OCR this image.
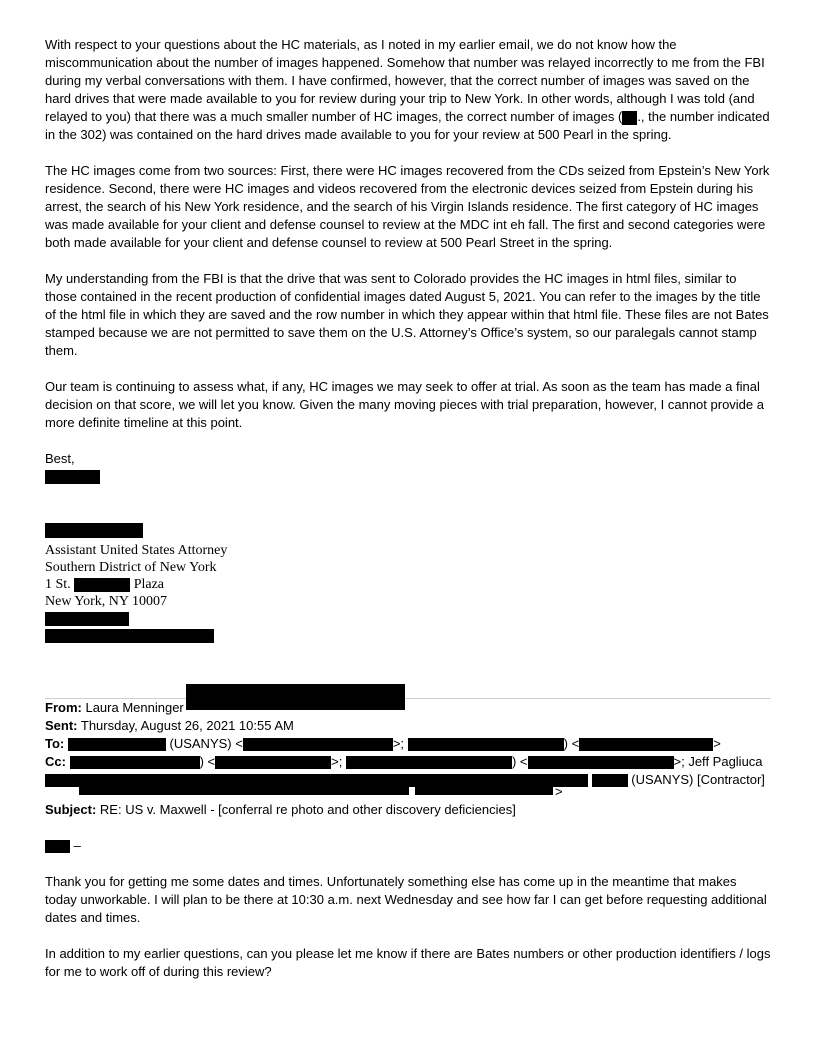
With respect to your questions about the HC materials, as I noted in my earlier email, we do not know how the miscommunication about the number of images happened. Somehow that number was relayed incorrectly to me from the FBI during my verbal conversations with them. I have confirmed, however, that the correct number of images was saved on the hard drives that were made available to you for review during your trip to New York. In other words, although I was told (and relayed to you) that there was a much smaller number of HC images, the correct number of images ( ., the number indicated in the 302) was contained on the hard drives made available to you for your review at 500 Pearl in the spring.

The HC images come from two sources: First, there were HC images recovered from the CDs seized from Epstein’s New York residence. Second, there were HC images and videos recovered from the electronic devices seized from Epstein during his arrest, the search of his New York residence, and the search of his Virgin Islands residence. The first category of HC images was made available for your client and defense counsel to review at the MDC int eh fall. The first and second categories were both made available for your client and defense counsel to review at 500 Pearl Street in the spring.

My understanding from the FBI is that the drive that was sent to Colorado provides the HC images in html files, similar to those contained in the recent production of confidential images dated August 5, 2021. You can refer to the images by the title of the html file in which they are saved and the row number in which they appear within that html file. These files are not Bates stamped because we are not permitted to save them on the U.S. Attorney’s Office’s system, so our paralegals cannot stamp them.

Our team is continuing to assess what, if any, HC images we may seek to offer at trial. As soon as the team has made a final decision on that score, we will let you know. Given the many moving pieces with trial preparation, however, I cannot provide a more definite timeline at this point.

Best,
Assistant United States Attorney
Southern District of New York
1 St.	Plaza
New York, NY 10007
From: Laura Menninger
Sent: Thursday, August 26, 2021 10:55 AM
To:	(USANYS) <	>;	) <	>
Cc:	) <	>;	) <	>; Jeff Pagliuca
(USANYS) [Contractor]
>
Subject: RE: US v. Maxwell - [conferral re photo and other discovery deficiencies]
–

Thank you for getting me some dates and times. Unfortunately something else has come up in the meantime that makes today unworkable. I will plan to be there at 10:30 a.m. next Wednesday and see how far I can get before requesting additional dates and times.

In addition to my earlier questions, can you please let me know if there are Bates numbers or other production identifiers / logs for me to work off of during this review?
